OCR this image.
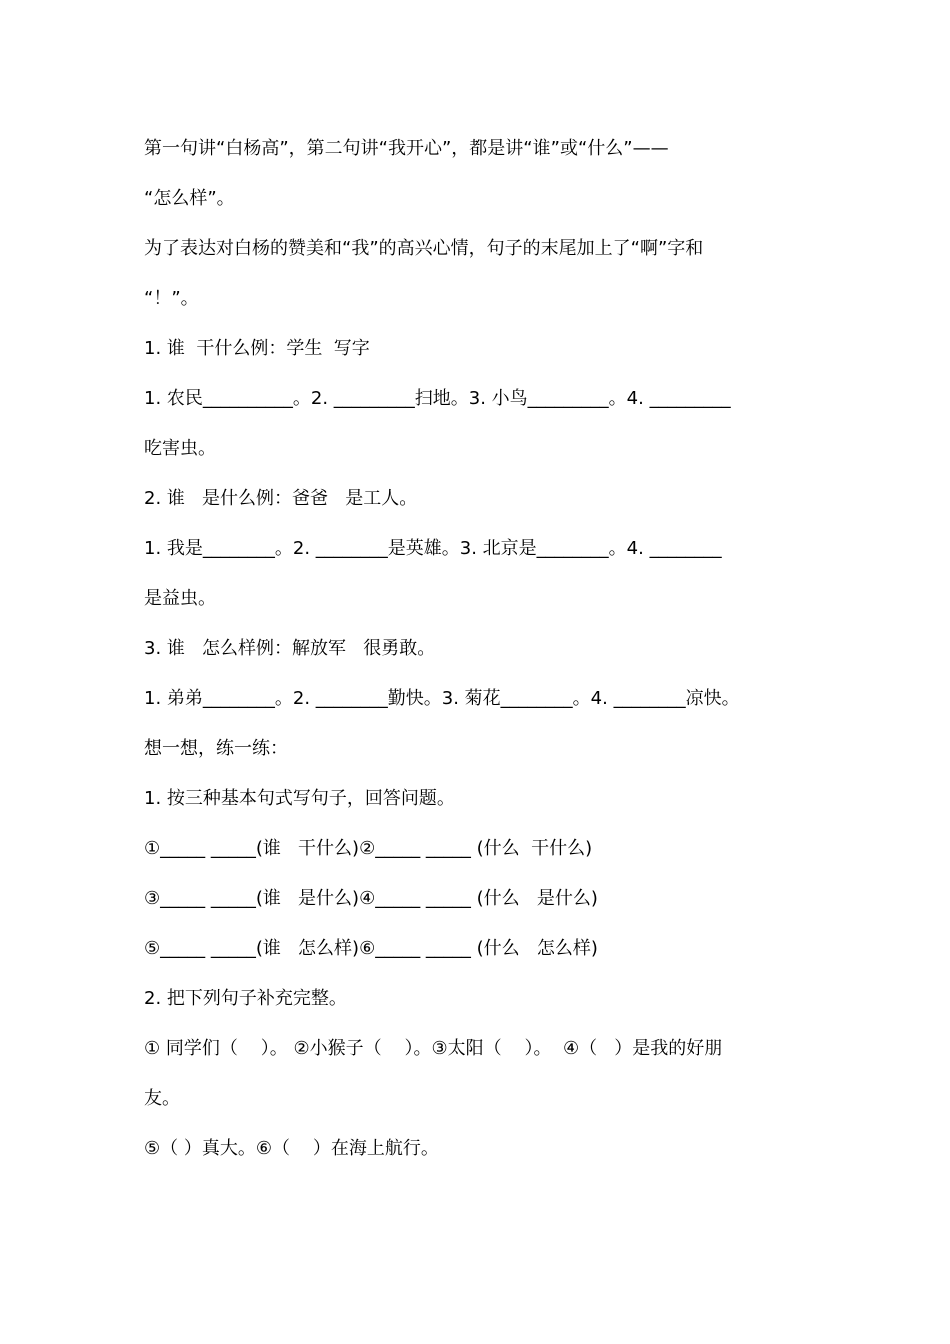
第一句讲“白杨高”，第二句讲“我开心”，都是讲“谁”或“什么”——
“怎么样”。
为了表达对白杨的赞美和“我”的高兴心情，句子的末尾加上了“啊”字和
“！”。
1. 谁  干什么例：学生  写字
1. 农民__________。2. _________扫地。3. 小鸟_________。4. _________
吃害虫。
2. 谁   是什么例：爸爸   是工人。
1. 我是________。2. ________是英雄。3. 北京是________。4. ________
是益虫。
3. 谁   怎么样例：解放军   很勇敢。
1. 弟弟________。2. ________勤快。3. 菊花________。4. ________凉快。
想一想，练一练：
1. 按三种基本句式写句子，回答问题。
①_____ _____(谁   干什么)②_____ _____ (什么  干什么)
③_____ _____(谁   是什么)④_____ _____ (什么   是什么)
⑤_____ _____(谁   怎么样)⑥_____ _____ (什么   怎么样)
2. 把下列句子补充完整。
① 同学们（    ）。 ②小猴子（    ）。③太阳（    ）。  ④（   ）是我的好朋
友。
⑤（ ）真大。⑥（    ）在海上航行。
